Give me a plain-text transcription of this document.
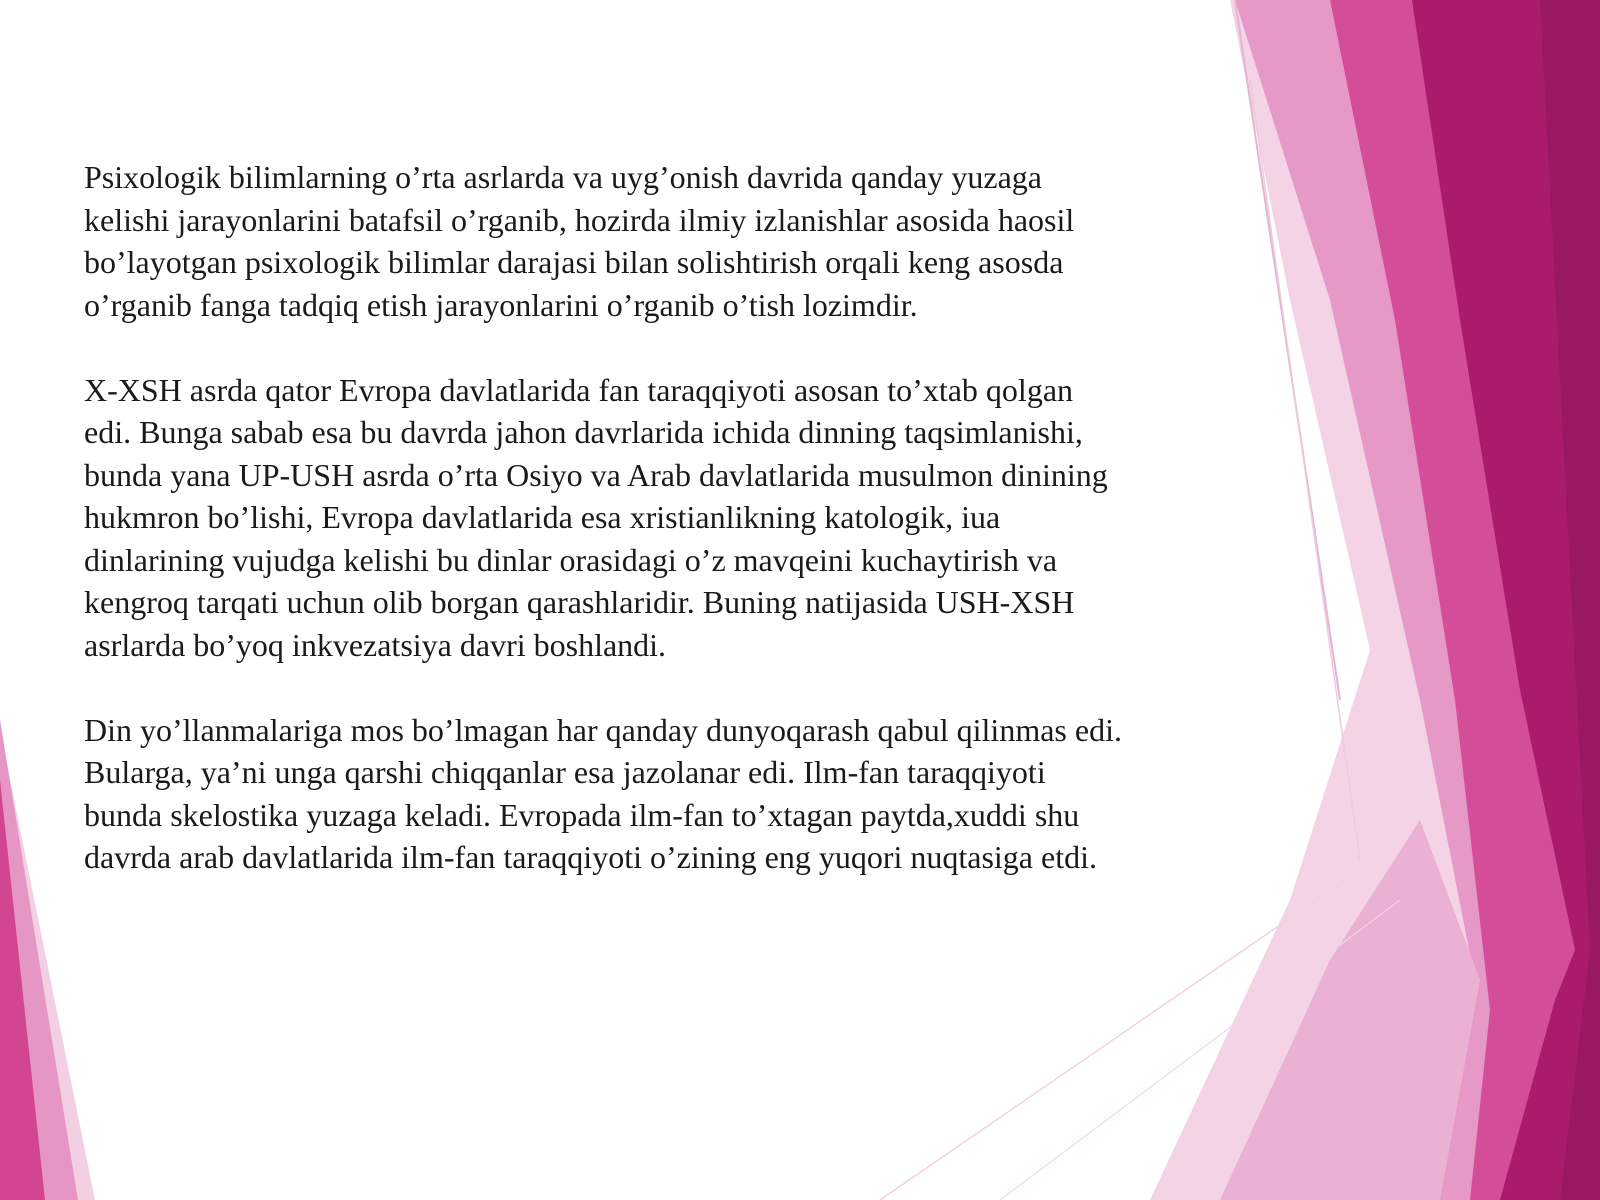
Psixologik bilimlarning o’rta asrlarda va uyg’onish davrida qanday yuzaga
kelishi jarayonlarini batafsil o’rganib, hozirda ilmiy izlanishlar asosida haosil
bo’layotgan psixologik bilimlar darajasi bilan solishtirish orqali keng asosda
o’rganib fanga tadqiq etish jarayonlarini o’rganib o’tish lozimdir.

X-XSH asrda qator Evropa davlatlarida fan taraqqiyoti asosan to’xtab qolgan
edi. Bunga sabab esa bu davrda jahon davrlarida ichida dinning taqsimlanishi,
bunda yana UP-USH asrda o’rta Osiyo va Arab davlatlarida musulmon dinining
hukmron bo’lishi, Evropa davlatlarida esa xristianlikning katologik, iua
dinlarining vujudga kelishi bu dinlar orasidagi o’z mavqeini kuchaytirish va
kengroq tarqati uchun olib borgan qarashlaridir. Buning natijasida USH-XSH
asrlarda bo’yoq inkvezatsiya davri boshlandi.

Din yo’llanmalariga mos bo’lmagan har qanday dunyoqarash qabul qilinmas edi.
Bularga, ya’ni unga qarshi chiqqanlar esa jazolanar edi. Ilm-fan taraqqiyoti
bunda skelostika yuzaga keladi. Evropada ilm-fan to’xtagan paytda,xuddi shu
davrda arab davlatlarida ilm-fan taraqqiyoti o’zining eng yuqori nuqtasiga etdi.
